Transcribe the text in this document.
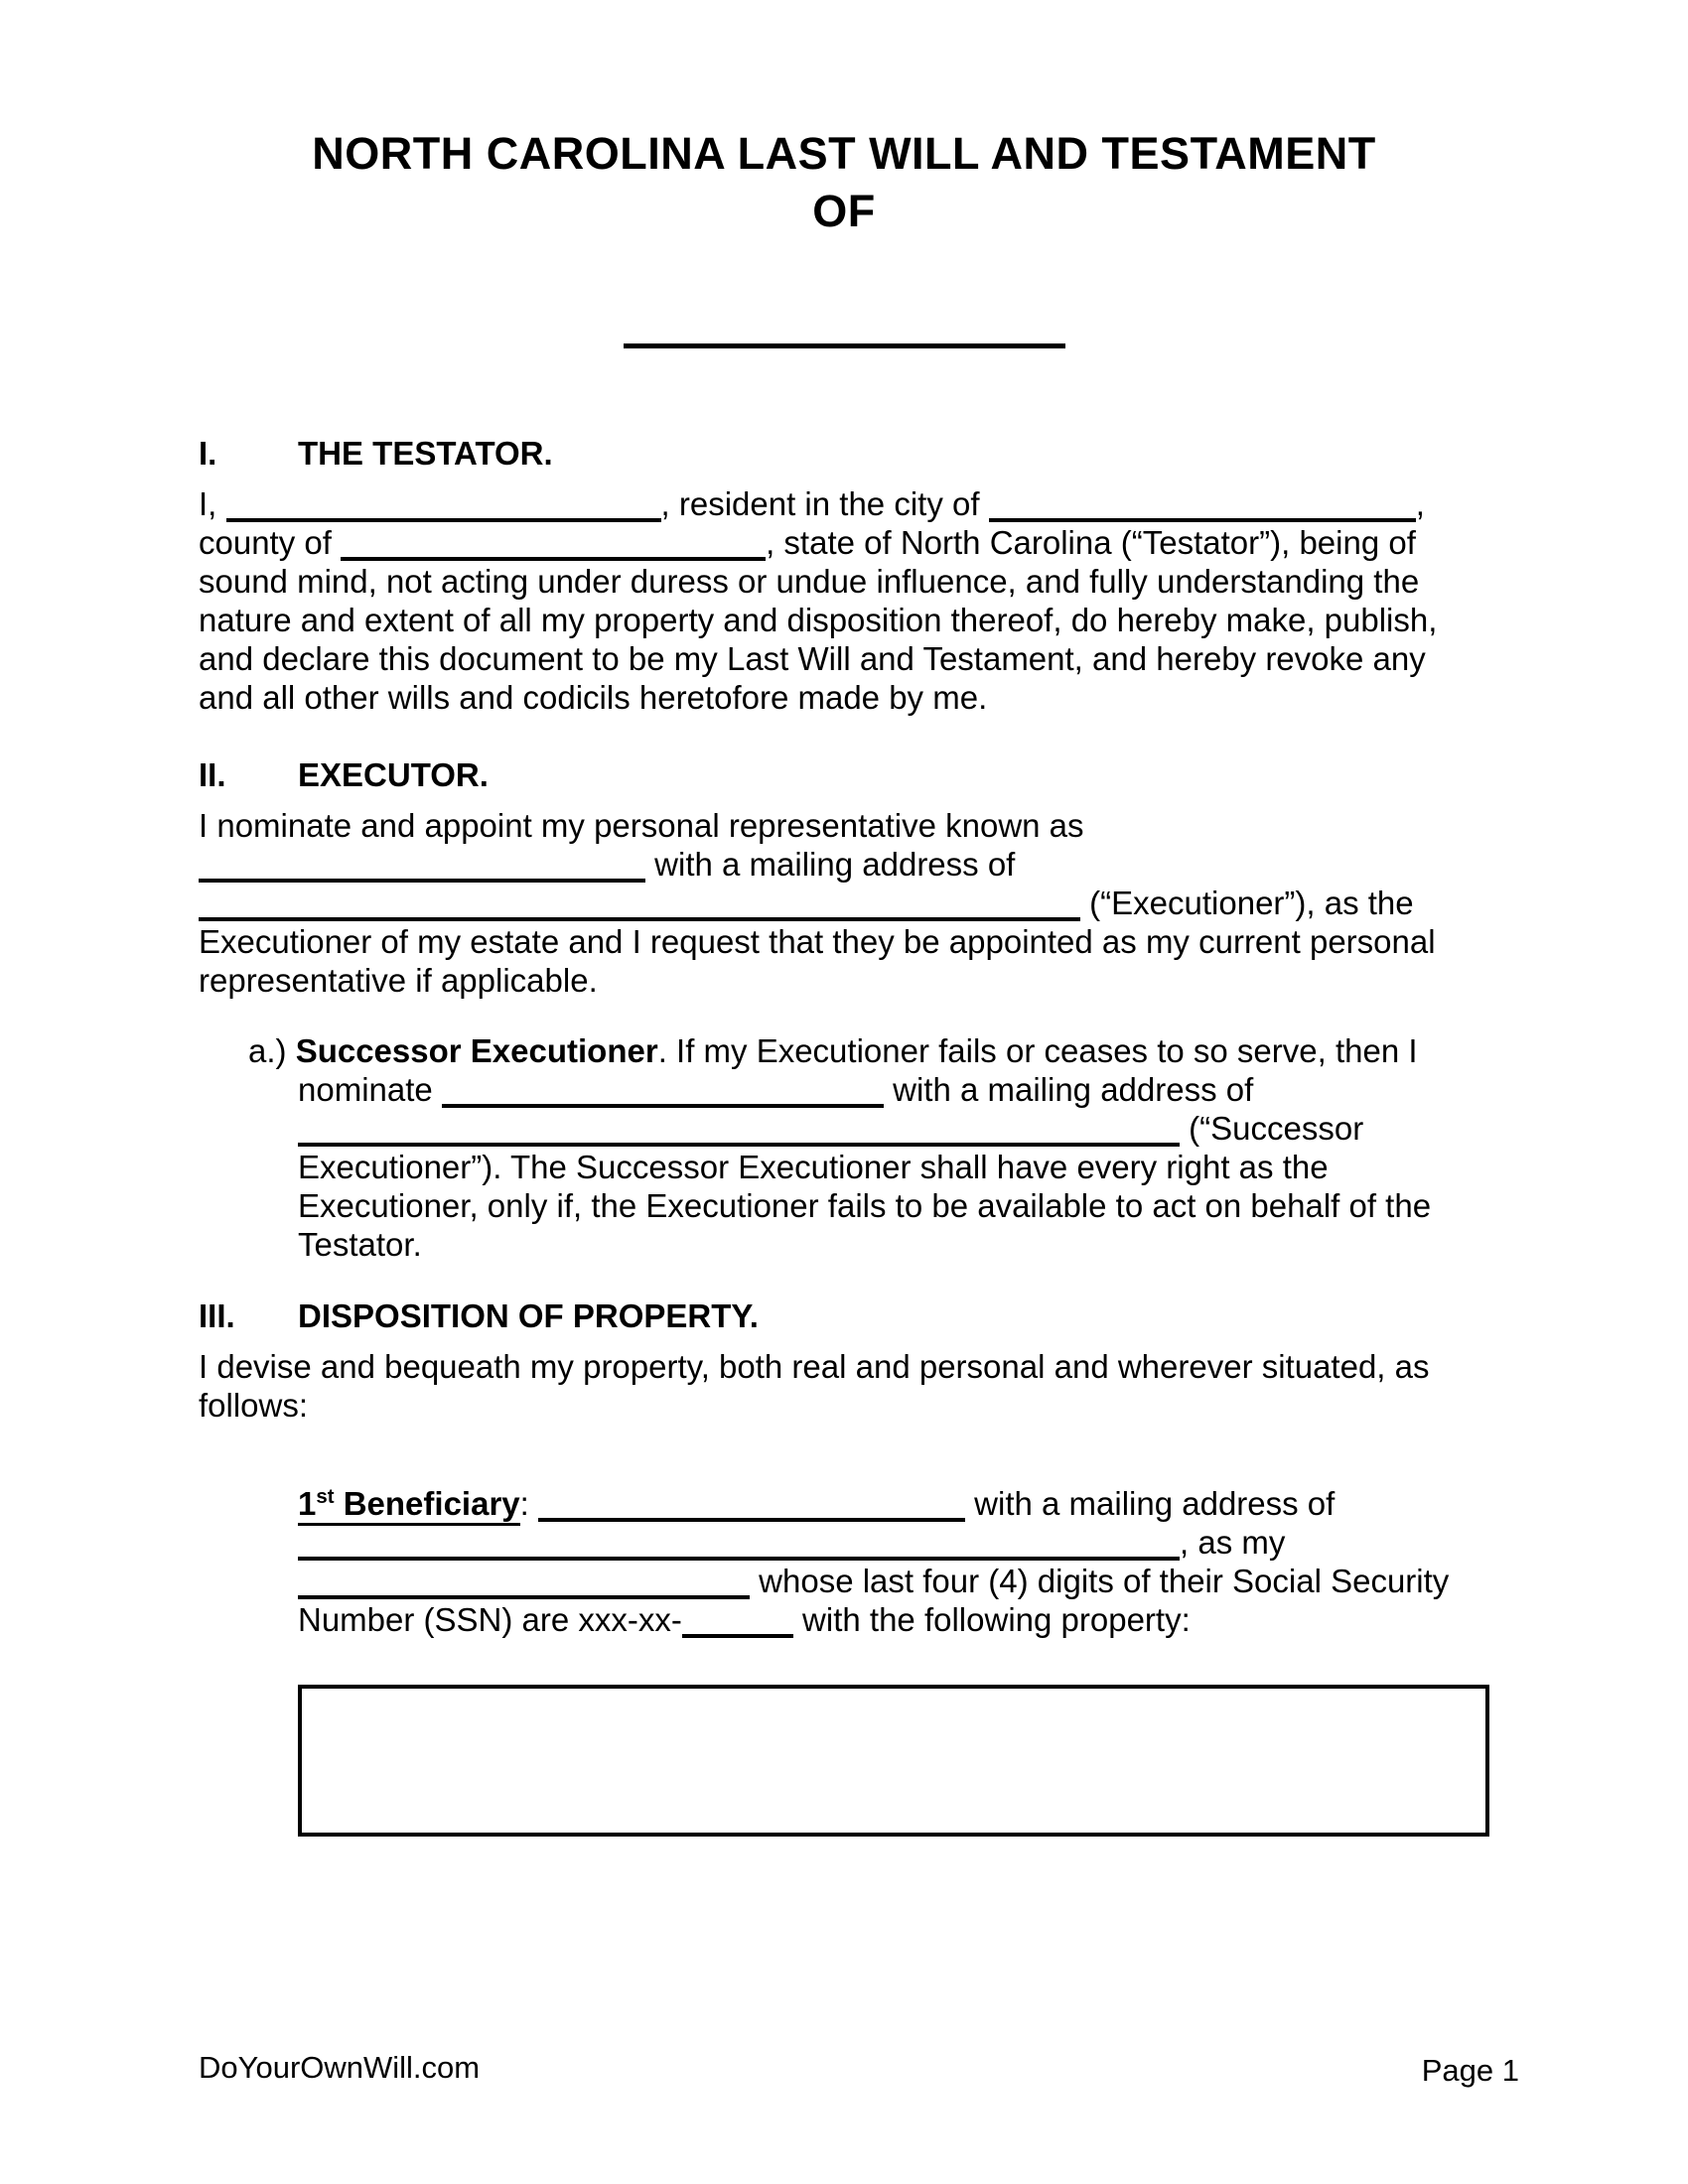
NORTH CAROLINA LAST WILL AND TESTAMENT
OF
I.	THE TESTATOR.
I,	, resident in the city of	,
county of	, state of North Carolina (“Testator”), being of
sound mind, not acting under duress or undue influence, and fully understanding the
nature and extent of all my property and disposition thereof, do hereby make, publish,
and declare this document to be my Last Will and Testament, and hereby revoke any
and all other wills and codicils heretofore made by me.
II.	EXECUTOR.
I nominate and appoint my personal representative known as
with a mailing address of
(“Executioner”), as the
Executioner of my estate and I request that they be appointed as my current personal
representative if applicable.
a.) Successor Executioner. If my Executioner fails or ceases to so serve, then I
nominate	with a mailing address of
(“Successor
Executioner”). The Successor Executioner shall have every right as the
Executioner, only if, the Executioner fails to be available to act on behalf of the
Testator.
III.	DISPOSITION OF PROPERTY.
I devise and bequeath my property, both real and personal and wherever situated, as
follows:
1st Beneficiary:	with a mailing address of
, as my
whose last four (4) digits of their Social Security
Number (SSN) are xxx-xx-	with the following property:
DoYourOwnWill.com	Page 1
